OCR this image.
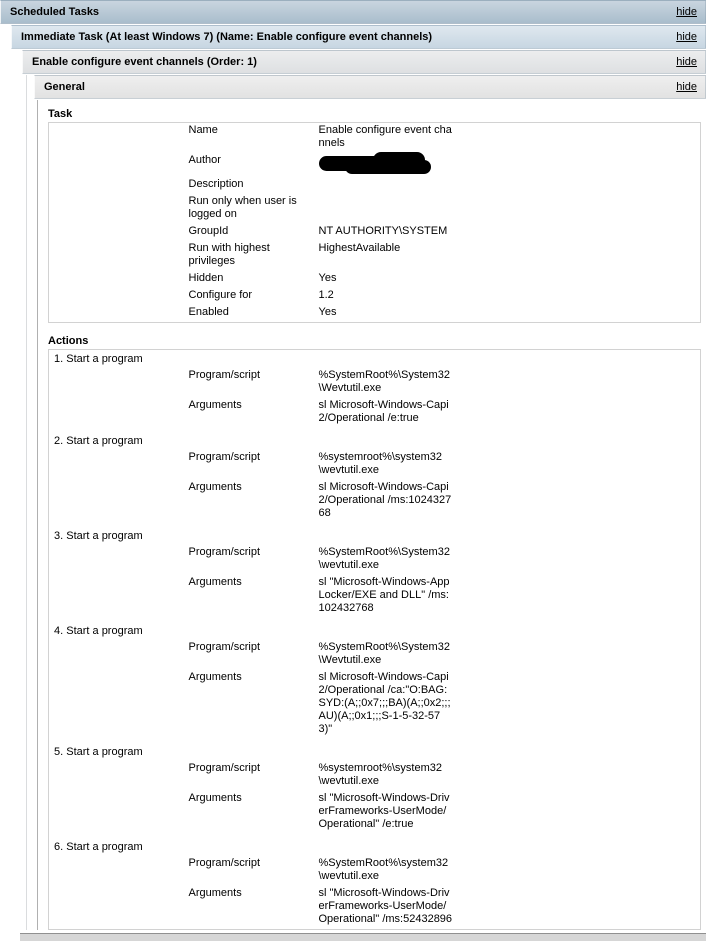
hide
Scheduled Tasks
hide
Immediate Task (At least Windows 7) (Name: Enable configure event channels)
hide
Enable configure event channels (Order: 1)
hide
General
Task
	Name	Enable configure event channels	
	Author	

	Description		
	Run only when user is logged on		
	GroupId	NT AUTHORITY\SYSTEM	
	Run with highest privileges	HighestAvailable	
	Hidden	Yes	
	Configure for	1.2	
	Enabled	Yes	
Actions
1. Start a program			
	Program/script	%SystemRoot%\System32\Wevtutil.exe	
	Arguments	sl Microsoft-Windows-Capi2/Operational /e:true	
2. Start a program			
	Program/script	%systemroot%\system32\wevtutil.exe	
	Arguments	sl Microsoft-Windows-Capi2/Operational /ms:102432768	
3. Start a program			
	Program/script	%SystemRoot%\System32\wevtutil.exe	
	Arguments	sl "Microsoft-Windows-AppLocker/EXE and DLL" /ms:102432768	
4. Start a program			
	Program/script	%SystemRoot%\System32\Wevtutil.exe	
	Arguments	sl Microsoft-Windows-Capi2/Operational /ca:"O:BAG:SYD:(A;;0x7;;;BA)(A;;0x2;;;AU)(A;;0x1;;;S-1-5-32-573)"	
5. Start a program			
	Program/script	%systemroot%\system32\wevtutil.exe	
	Arguments	sl "Microsoft-Windows-DriverFrameworks-UserMode/Operational" /e:true	
6. Start a program			
	Program/script	%SystemRoot%\system32\wevtutil.exe	
	Arguments	sl "Microsoft-Windows-DriverFrameworks-UserMode/Operational" /ms:52432896	
